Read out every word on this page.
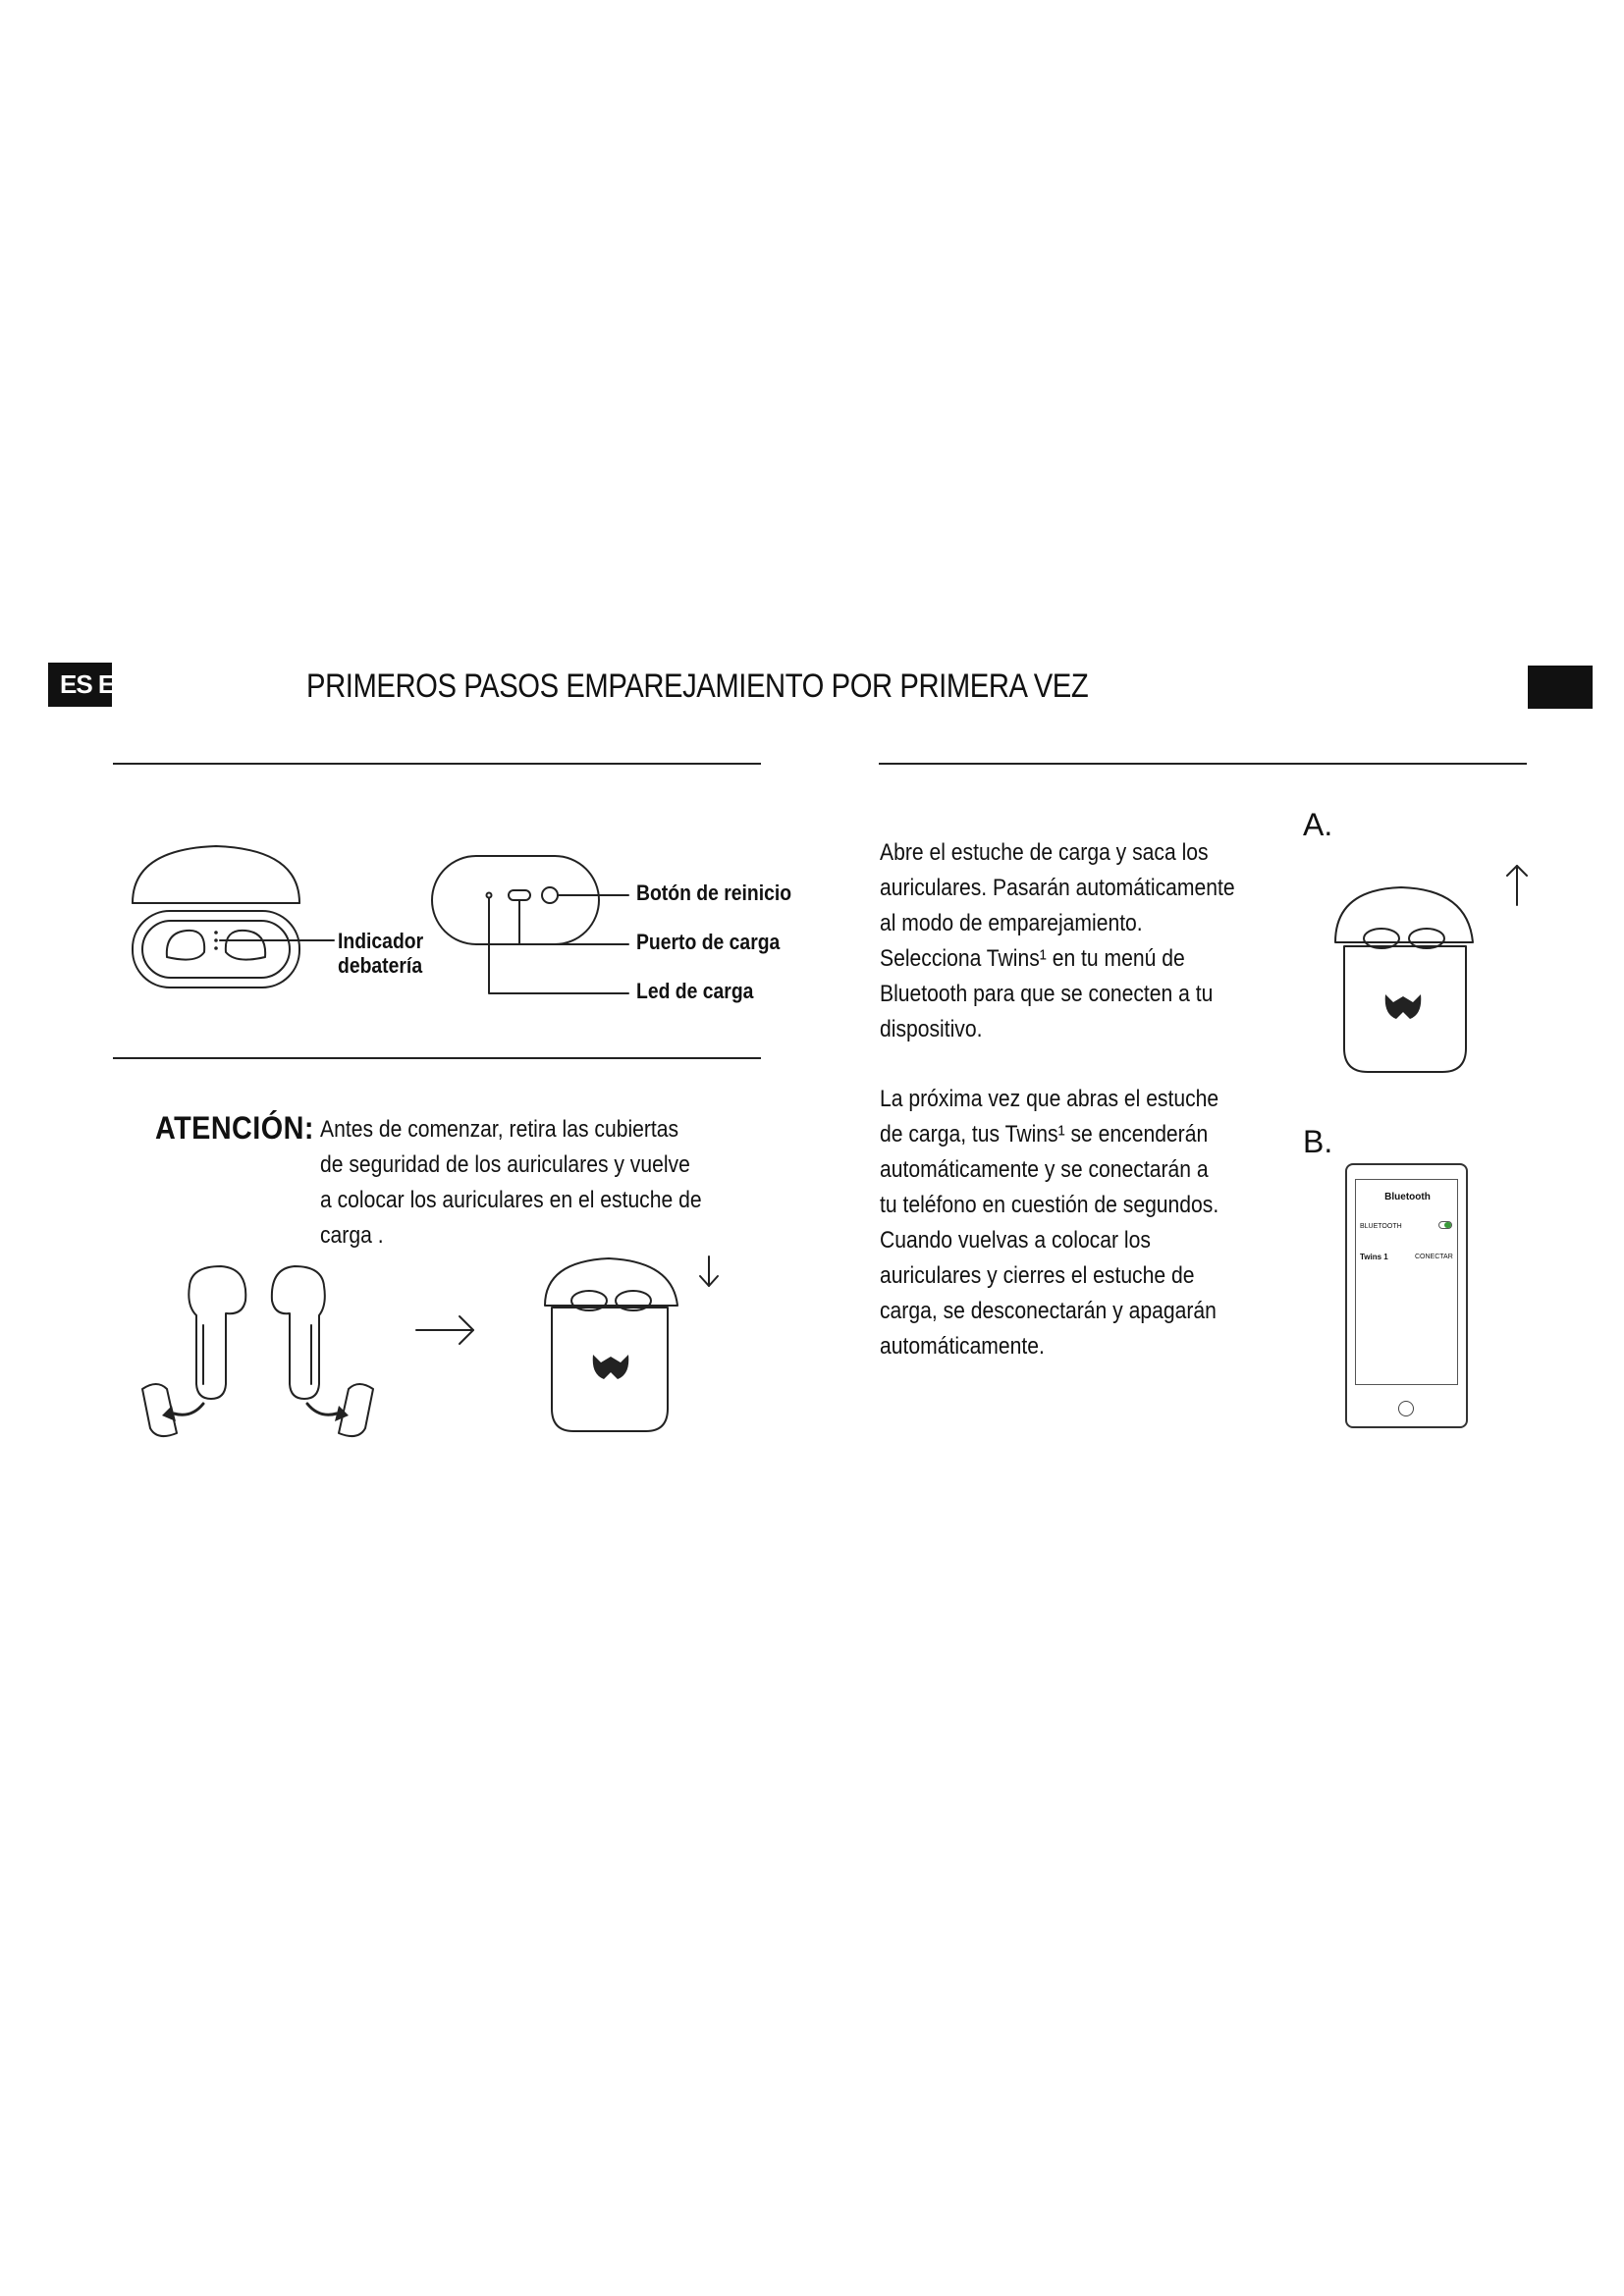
ES ES	PRIMEROS PASOS EMPAREJAMIENTO POR PRIMERA VEZ
Indicador
debatería
Botón de reinicio
Puerto de carga
Led de carga
ATENCIÓN: Antes de comenzar, retira las cubiertas
de seguridad de los auriculares y vuelve
a colocar los auriculares en el estuche de
carga .
Abre el estuche de carga y saca los
auriculares. Pasarán automáticamente
al modo de emparejamiento.
Selecciona Twins¹ en tu menú de
Bluetooth para que se conecten a tu
dispositivo.
La próxima vez que abras el estuche
de carga, tus Twins¹ se encenderán
automáticamente y se conectarán a
tu teléfono en cuestión de segundos.
Cuando vuelvas a colocar los
auriculares y cierres el estuche de
carga, se desconectarán y apagarán
automáticamente.
A.
B.
Bluetooth
BLUETOOTH
Twins 1	CONECTAR
